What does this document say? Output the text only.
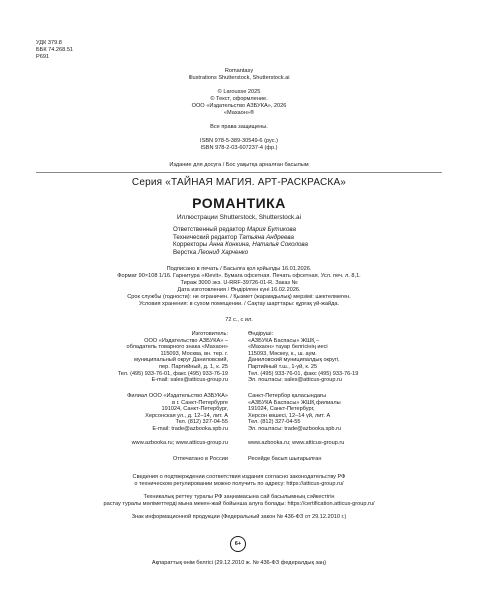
УДК 379.8
ББК 74.268.51
Р691
Romantasy
Illustrations Shutterstock, Shutterstock.ai
© Larousse 2025
© Текст, оформление.
ООО «Издательство АЗБУКА», 2026
«Махаон»®
Все права защищены.
ISBN 978-5-389-30549-6 (рус.)
ISBN 978-2-03-607237-4 (фр.)
Издание для досуга / Бос уақытқа арналған басылым
Серия «ТАЙНАЯ МАГИЯ. АРТ-РАСКРАСКА»
РОМАНТИКА
Иллюстрации Shutterstock, Shutterstock.ai
Ответственный редактор Мария Бутикова
Технический редактор Татьяна Андреева
Корректоры Анна Конкина, Наталья Соколова
Верстка Леонид Харченко
Подписано в печать / Басылға қол қойылды 16.01.2026.
Формат 90×108 1/16. Гарнитура «Klevit». Бумага офсетная. Печать офсетная. Усл. печ. л. 8,1.
Тираж 3000 экз. U-RRF-39726-01-R. Заказ №
Дата изготовления / Өндірілген күні 16.02.2026.
Срок службы (годности): не ограничен. / Қызмет (жарамдылық) мерзімі: шектелмеген.
Условия хранения: в сухом помещении. / Сақтау шарттары: құрғақ үй-жайда.
72 с., с ил.
Изготовитель:
ООО «Издательство АЗБУКА» –
обладатель товарного знака «Махаон»
115093, Москва, вн. тер. г.
муниципальный округ Даниловский,
пер. Партийный, д. 1, к. 25
Тел. (495) 933-76-01, факс (495) 933-76-19
E-mail: sales@atticus-group.ru
Өндіруші:
«АЗБУКА Баспасы» ЖШҚ –
«Махаон» тауар белгісінің иесі
115093, Мәскеу, к., ш. аум.
Даниловский муниципалдық округі,
Партийный т.ш., 1-үй, к. 25
Тел. (495) 933-76-01, факс (495) 933-76-19
Эл. поштасы: sales@atticus-group.ru
Филиал ООО «Издательство АЗБУКА»
в г. Санкт-Петербурге
191024, Санкт-Петербург,
Херсонская ул., д. 12–14, лит. А
Тел. (812) 327-04-55
E-mail: trade@azbooka.spb.ru
Санкт-Петербор қаласындағы
«АЗБУКА Баспасы» ЖШҚ филиалы
191024, Санкт-Петербург,
Херсон көшесі, 12–14 үй, лит. А
Тел. (812) 327-04-55
Эл. поштасы: trade@azbooka.spb.ru
www.azbooka.ru; www.atticus-group.ru	www.azbooka.ru; www.atticus-group.ru
Отпечатано в России	Ресейде басып шығарылған
Сведения о подтверждении соответствия издания согласно законодательству РФ
о техническом регулировании можно получить по адресу: https://atticus-group.ru/
Техникалық реттеу туралы РФ заңнамасына сай басылымның сәйкестігін
растау туралы мәліметтерді мына мекен-жай бойынша алуға болады: https://certification.atticus-group.ru/
Знак информационной продукции (Федеральный закон № 436-ФЗ от 29.12.2010 г.)
6+
Ақпараттық өнім белгісі (29.12.2010 ж. № 436-ФЗ федералдық заң)
